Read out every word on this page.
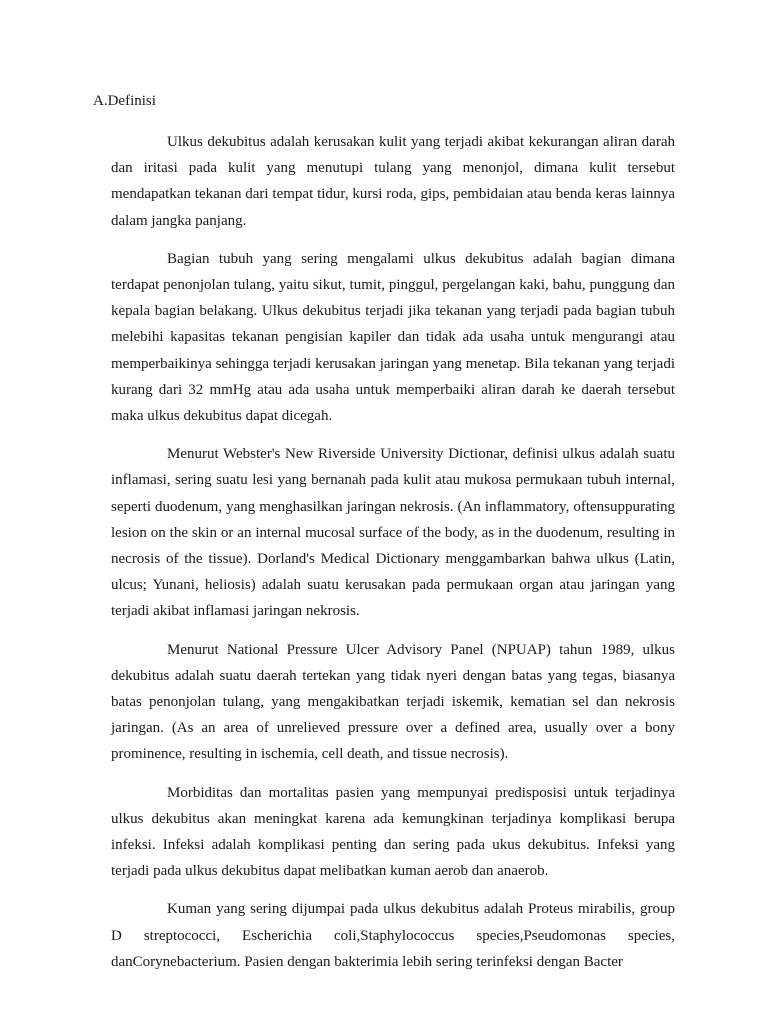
A.Definisi

Ulkus dekubitus adalah kerusakan kulit yang terjadi akibat kekurangan aliran darah dan iritasi pada kulit yang menutupi tulang yang menonjol, dimana kulit tersebut mendapatkan tekanan dari tempat tidur, kursi roda, gips, pembidaian atau benda keras lainnya dalam jangka panjang.

Bagian tubuh yang sering mengalami ulkus dekubitus adalah bagian dimana terdapat penonjolan tulang, yaitu sikut, tumit, pinggul, pergelangan kaki, bahu, punggung dan kepala bagian belakang. Ulkus dekubitus terjadi jika tekanan yang terjadi pada bagian tubuh melebihi kapasitas tekanan pengisian kapiler dan tidak ada usaha untuk mengurangi atau memperbaikinya sehingga terjadi kerusakan jaringan yang menetap. Bila tekanan yang terjadi kurang dari 32 mmHg atau ada usaha untuk memperbaiki aliran darah ke daerah tersebut maka ulkus dekubitus dapat dicegah.

Menurut Webster's New Riverside University Dictionar, definisi ulkus adalah suatu inflamasi, sering suatu lesi yang bernanah pada kulit atau mukosa permukaan tubuh internal, seperti duodenum, yang menghasilkan jaringan nekrosis. (An inflammatory, oftensuppurating lesion on the skin or an internal mucosal surface of the body, as in the duodenum, resulting in necrosis of the tissue). Dorland's Medical Dictionary menggambarkan bahwa ulkus (Latin, ulcus; Yunani, heliosis) adalah suatu kerusakan pada permukaan organ atau jaringan yang terjadi akibat inflamasi jaringan nekrosis.

Menurut National Pressure Ulcer Advisory Panel (NPUAP) tahun 1989, ulkus dekubitus adalah suatu daerah tertekan yang tidak nyeri dengan batas yang tegas, biasanya batas penonjolan tulang, yang mengakibatkan terjadi iskemik, kematian sel dan nekrosis jaringan. (As an area of unrelieved pressure over a defined area, usually over a bony prominence, resulting in ischemia, cell death, and tissue necrosis).

Morbiditas dan mortalitas pasien yang mempunyai predisposisi untuk terjadinya ulkus dekubitus akan meningkat karena ada kemungkinan terjadinya komplikasi berupa infeksi. Infeksi adalah komplikasi penting dan sering pada ukus dekubitus. Infeksi yang terjadi pada ulkus dekubitus dapat melibatkan kuman aerob dan anaerob.

Kuman yang sering dijumpai pada ulkus dekubitus adalah Proteus mirabilis, group D streptococci, Escherichia coli,Staphylococcus species,Pseudomonas species, danCorynebacterium. Pasien dengan bakterimia lebih sering terinfeksi dengan Bacter
